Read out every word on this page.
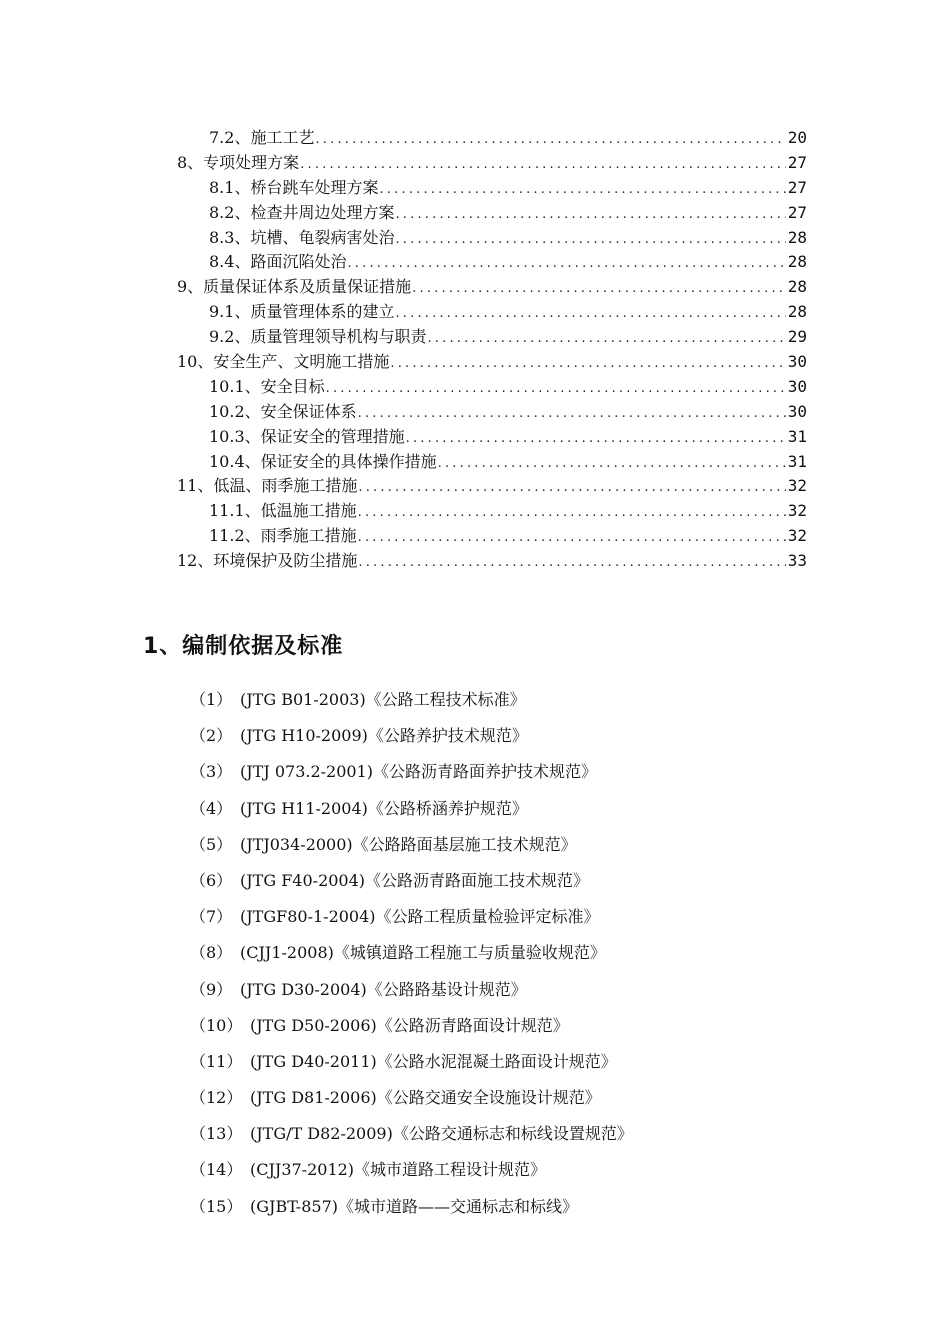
7.2、施工工艺 .....	20
8、专项处理方案 .....	27
8.1、桥台跳车处理方案 .....	27
8.2、检查井周边处理方案 .....	27
8.3、坑槽、龟裂病害处治 .....	28
8.4、路面沉陷处治 .....	28
9、质量保证体系及质量保证措施 .....	28
9.1、质量管理体系的建立 .....	28
9.2、质量管理领导机构与职责 .....	29
10、安全生产、文明施工措施 .....	30
10.1、安全目标 .....	30
10.2、安全保证体系 .....	30
10.3、保证安全的管理措施 .....	31
10.4、保证安全的具体操作措施 .....	31
11、低温、雨季施工措施 .....	32
11.1、低温施工措施 .....	32
11.2、雨季施工措施 .....	32
12、环境保护及防尘措施 .....	33
1、编制依据及标准
（1） (JTG B01-2003)《公路工程技术标准》
（2） (JTG H10-2009)《公路养护技术规范》
（3） (JTJ 073.2-2001)《公路沥青路面养护技术规范》
（4） (JTG H11-2004)《公路桥涵养护规范》
（5） (JTJ034-2000)《公路路面基层施工技术规范》
（6） (JTG F40-2004)《公路沥青路面施工技术规范》
（7） (JTGF80-1-2004)《公路工程质量检验评定标准》
（8） (CJJ1-2008)《城镇道路工程施工与质量验收规范》
（9） (JTG D30-2004)《公路路基设计规范》
（10） (JTG D50-2006)《公路沥青路面设计规范》
（11） (JTG D40-2011)《公路水泥混凝土路面设计规范》
（12） (JTG D81-2006)《公路交通安全设施设计规范》
（13） (JTG/T D82-2009)《公路交通标志和标线设置规范》
（14） (CJJ37-2012)《城市道路工程设计规范》
（15） (GJBT-857)《城市道路——交通标志和标线》
